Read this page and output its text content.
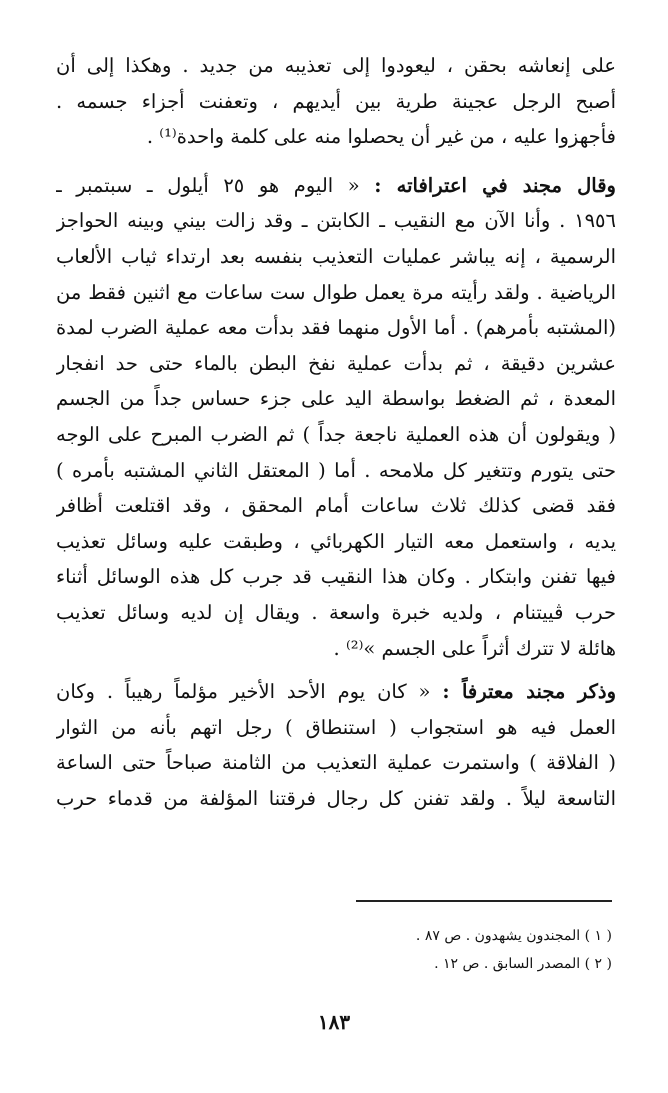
على إنعاشه بحقن ، ليعودوا إلى تعذيبه من جديد . وهكذا إلى أن
أصبح الرجل عجينة طرية بين أيديهم ، وتعفنت أجزاء جسمه .
فأجهزوا عليه ، من غير أن يحصلوا منه على كلمة واحدة⁽¹⁾ .

وقال مجند في اعترافاته : « اليوم هو ٢٥ أيلول ـ سبتمبر ـ
١٩٥٦ . وأنا الآن مع النقيب ـ الكابتن ـ وقد زالت بيني وبينه الحواجز
الرسمية ، إنه يباشر عمليات التعذيب بنفسه بعد ارتداء ثياب الألعاب
الرياضية . ولقد رأيته مرة يعمل طوال ست ساعات مع اثنين فقط من
(المشتبه بأمرهم) . أما الأول منهما فقد بدأت معه عملية الضرب لمدة
عشرين دقيقة ، ثم بدأت عملية نفخ البطن بالماء حتى حد انفجار
المعدة ، ثم الضغط بواسطة اليد على جزء حساس جداً من الجسم
( ويقولون أن هذه العملية ناجعة جداً ) ثم الضرب المبرح على الوجه
حتى يتورم وتتغير كل ملامحه . أما ( المعتقل الثاني المشتبه بأمره )
فقد قضى كذلك ثلاث ساعات أمام المحقق ، وقد اقتلعت أظافر
يديه ، واستعمل معه التيار الكهربائي ، وطبقت عليه وسائل تعذيب
فيها تفنن وابتكار . وكان هذا النقيب قد جرب كل هذه الوسائل أثناء
حرب ڤييتنام ، ولديه خبرة واسعة . ويقال إن لديه وسائل تعذيب
هائلة لا تترك أثراً على الجسم »⁽²⁾ .

وذكر مجند معترفاً : « كان يوم الأحد الأخير مؤلماً رهيباً . وكان
العمل فيه هو استجواب ( استنطاق ) رجل اتهم بأنه من الثوار
( الفلاقة ) واستمرت عملية التعذيب من الثامنة صباحاً حتى الساعة
التاسعة ليلاً . ولقد تفنن كل رجال فرقتنا المؤلفة من قدماء حرب

( ١ ) المجندون يشهدون . ص ٨٧ .
( ٢ ) المصدر السابق . ص ١٢ .
١٨٣
